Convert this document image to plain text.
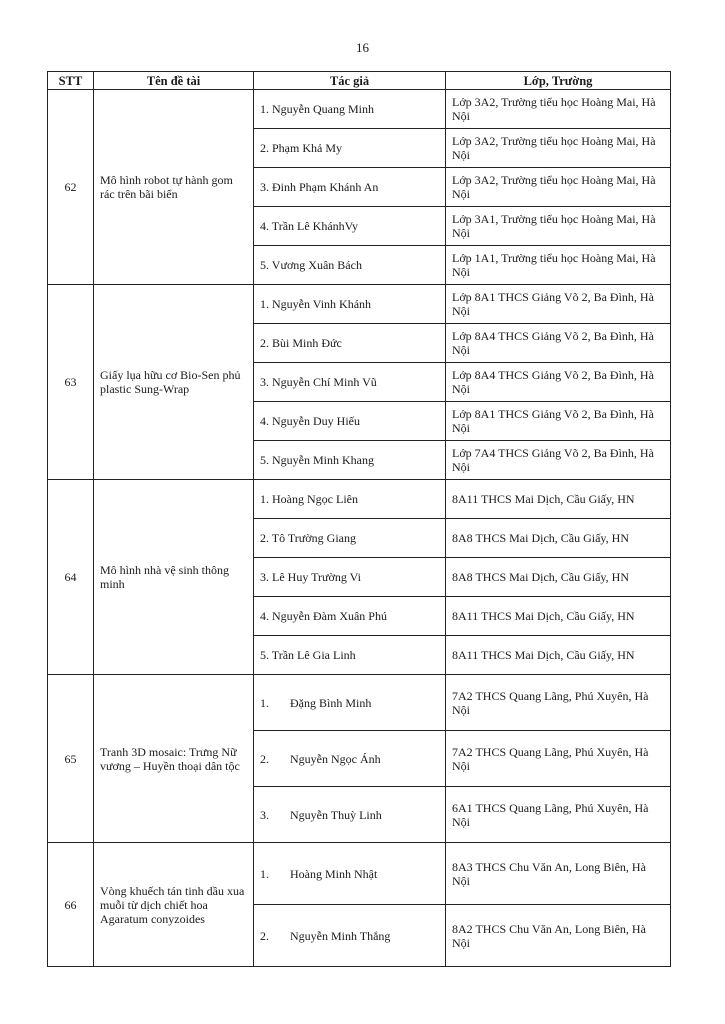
16
STT	Tên đề tài	Tác giả	Lớp, Trường
62	Mô hình robot tự hành gom rác trên bãi biển	1. Nguyễn Quang Minh	Lớp 3A2, Trường tiểu học Hoàng Mai, Hà Nội
		2. Phạm Khả My	Lớp 3A2, Trường tiểu học Hoàng Mai, Hà Nội
		3. Đinh Phạm Khánh An	Lớp 3A2, Trường tiểu học Hoàng Mai, Hà Nội
		4. Trần Lê KhánhVy	Lớp 3A1, Trường tiểu học Hoàng Mai, Hà Nội
		5. Vương Xuân Bách	Lớp 1A1, Trường tiểu học Hoàng Mai, Hà Nội
63	Giấy lụa hữu cơ Bio-Sen phủ plastic Sung-Wrap	1. Nguyễn Vinh Khánh	Lớp 8A1 THCS Giảng Võ 2, Ba Đình, Hà Nội
		2. Bùi Minh Đức	Lớp 8A4 THCS Giảng Võ 2, Ba Đình, Hà Nội
		3. Nguyễn Chí Minh Vũ	Lớp 8A4 THCS Giảng Võ 2, Ba Đình, Hà Nội
		4. Nguyễn Duy Hiếu	Lớp 8A1 THCS Giảng Võ 2, Ba Đình, Hà Nội
		5. Nguyễn Minh Khang	Lớp 7A4 THCS Giảng Võ 2, Ba Đình, Hà Nội
64	Mô hình nhà vệ sinh thông minh	1. Hoàng Ngọc Liên	8A11 THCS Mai Dịch, Cầu Giấy, HN
		2. Tô Trường Giang	8A8 THCS Mai Dịch, Cầu Giấy, HN
		3. Lê Huy Trường Vi	8A8 THCS Mai Dịch, Cầu Giấy, HN
		4. Nguyễn Đàm Xuân Phú	8A11 THCS Mai Dịch, Cầu Giấy, HN
		5. Trần Lê Gia Linh	8A11 THCS Mai Dịch, Cầu Giấy, HN
65	Tranh 3D mosaic: Trưng Nữ vương – Huyền thoại dân tộc	1. Đặng Bình Minh	7A2 THCS Quang Lãng, Phú Xuyên, Hà Nội
		2. Nguyễn Ngọc Ánh	7A2 THCS Quang Lãng, Phú Xuyên, Hà Nội
		3. Nguyễn Thuỳ Linh	6A1 THCS Quang Lãng, Phú Xuyên, Hà Nội
66	Vòng khuếch tán tinh dầu xua muỗi từ dịch chiết hoa Agaratum conyzoides	1. Hoàng Minh Nhật	8A3 THCS Chu Văn An, Long Biên, Hà Nội
		2. Nguyễn Minh Thắng	8A2 THCS Chu Văn An, Long Biên, Hà Nội
